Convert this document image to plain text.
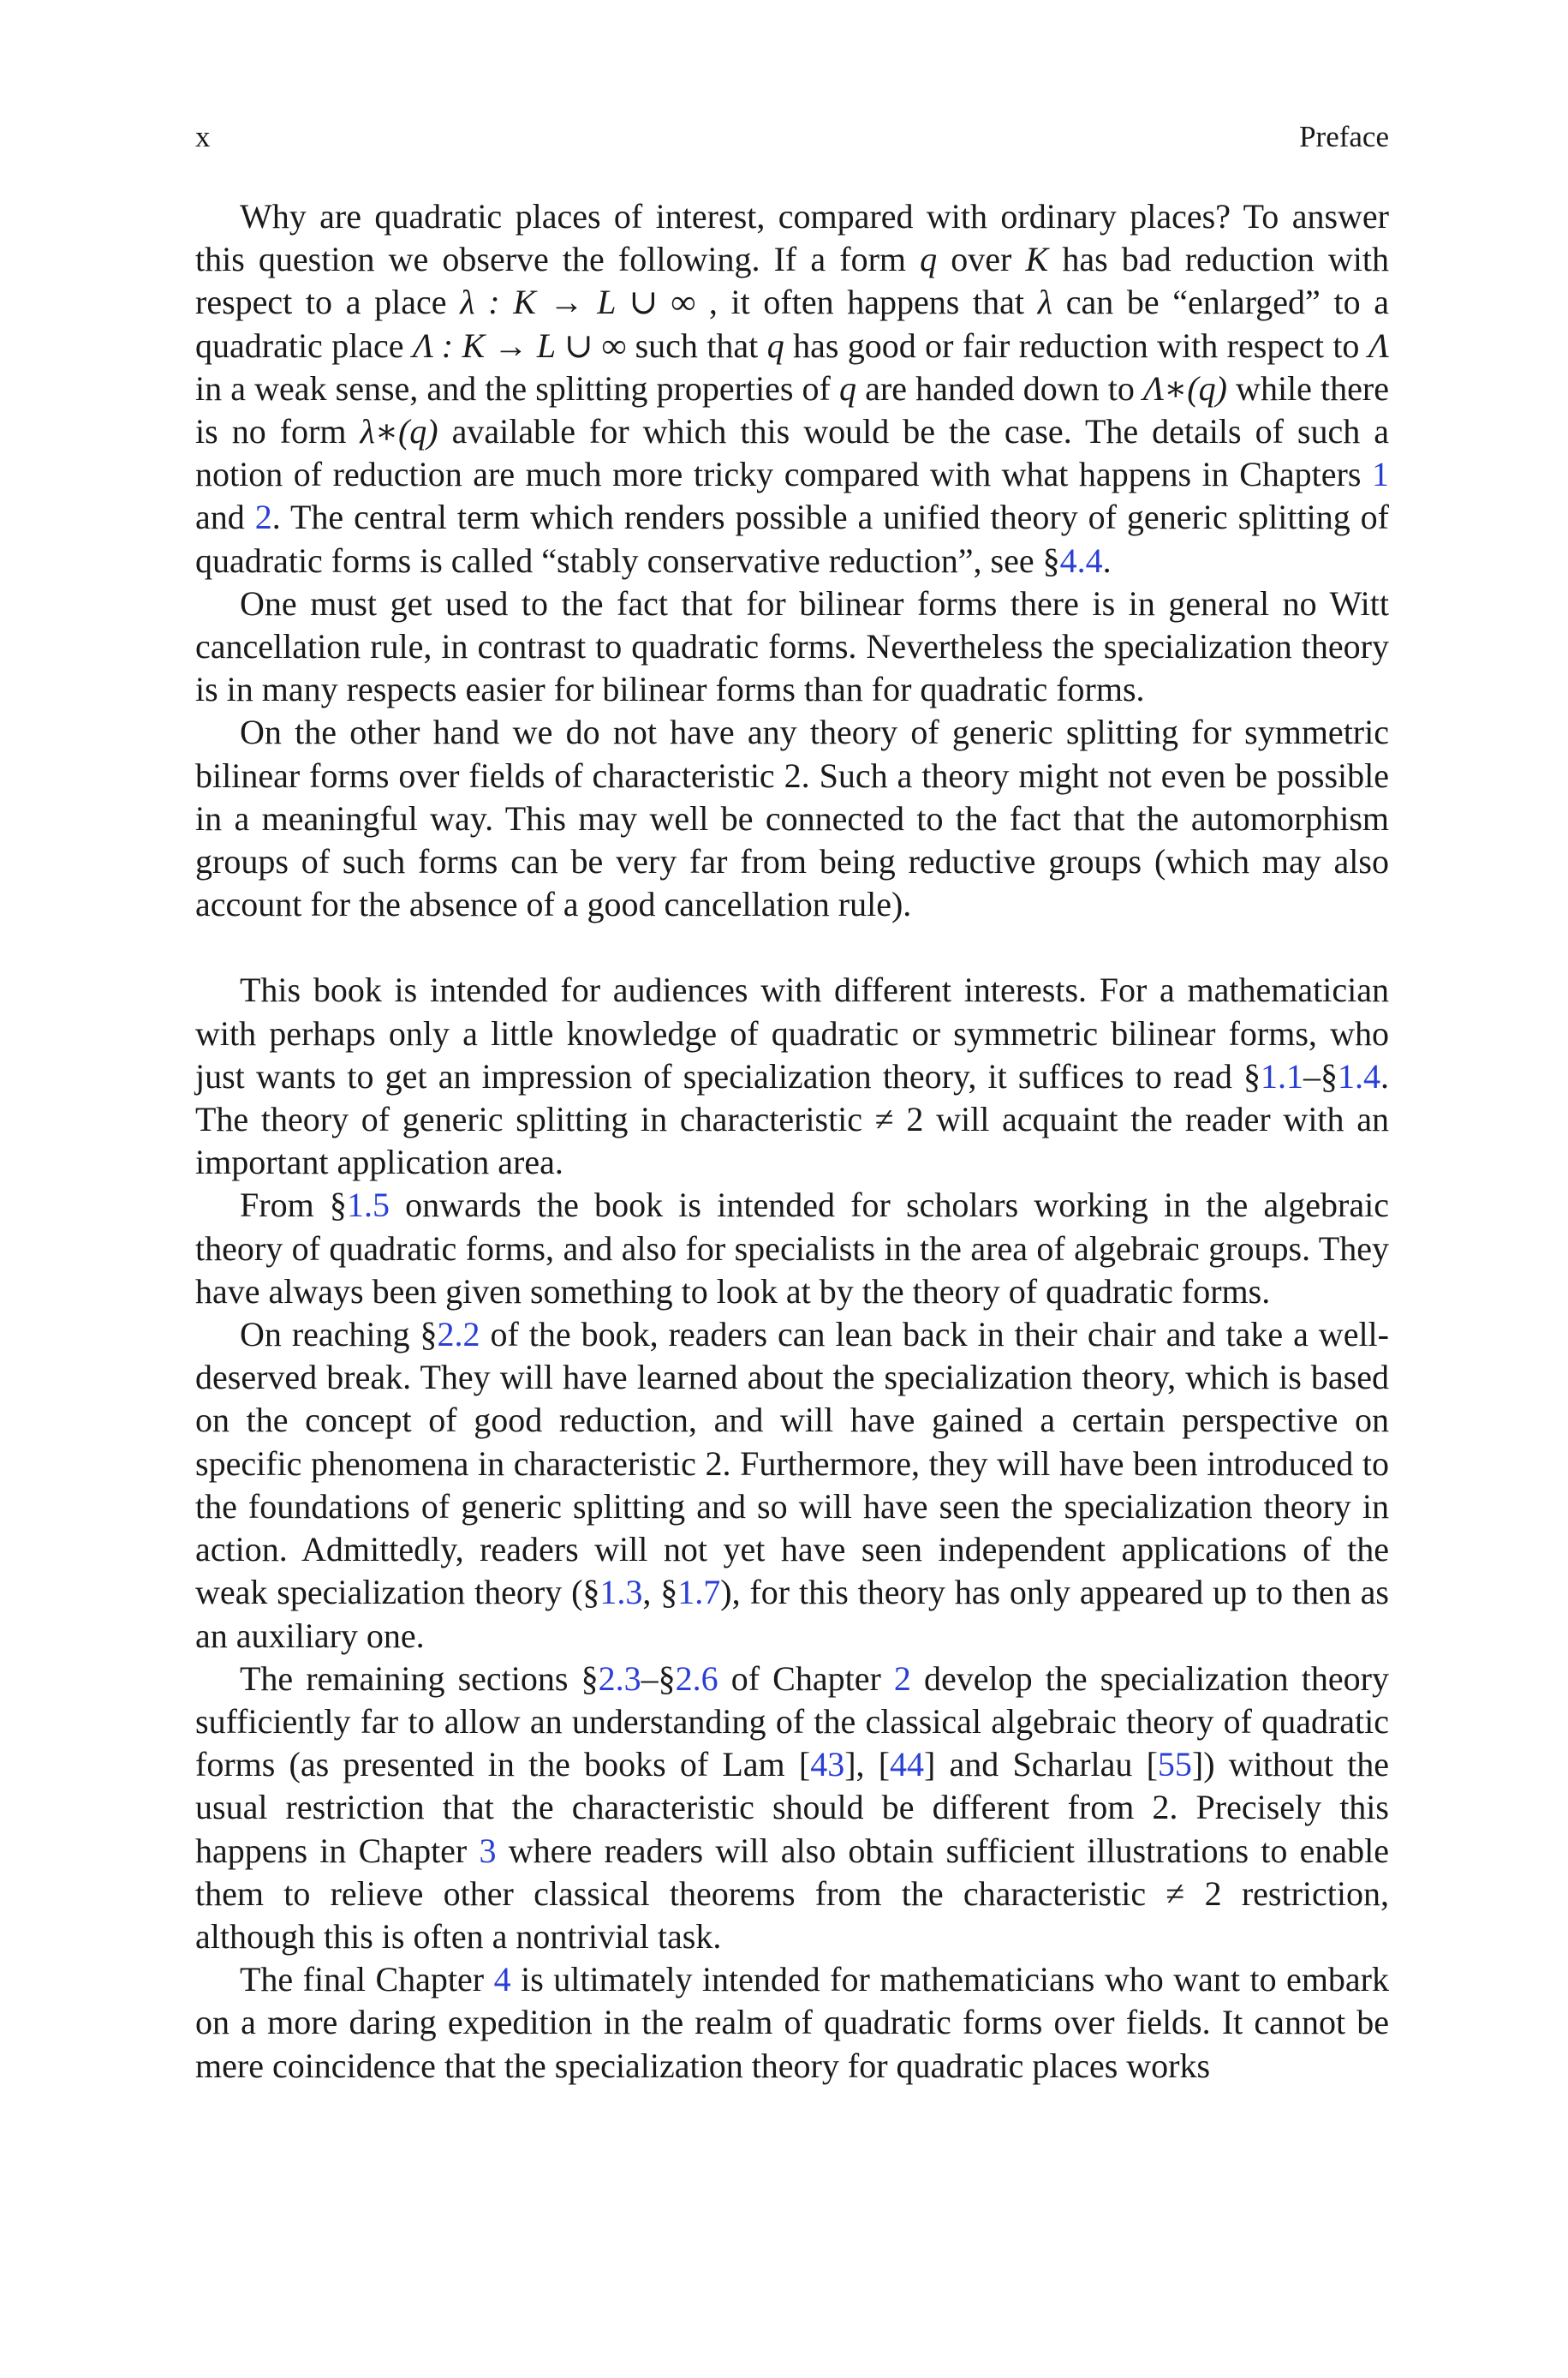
x	Preface

Why are quadratic places of interest, compared with ordinary places? To answer this question we observe the following. If a form q over K has bad reduction with respect to a place λ : K → L ∪ ∞ , it often happens that λ can be “enlarged” to a quadratic place Λ : K → L ∪ ∞ such that q has good or fair reduction with respect to Λ in a weak sense, and the splitting properties of q are handed down to Λ∗(q) while there is no form λ∗(q) available for which this would be the case. The details of such a notion of reduction are much more tricky compared with what happens in Chapters 1 and 2. The central term which renders possible a unified theory of generic splitting of quadratic forms is called “stably conservative reduction”, see §4.4.

One must get used to the fact that for bilinear forms there is in general no Witt cancellation rule, in contrast to quadratic forms. Nevertheless the specialization theory is in many respects easier for bilinear forms than for quadratic forms.

On the other hand we do not have any theory of generic splitting for symmetric bilinear forms over fields of characteristic 2. Such a theory might not even be possible in a meaningful way. This may well be connected to the fact that the automorphism groups of such forms can be very far from being reductive groups (which may also account for the absence of a good cancellation rule).

This book is intended for audiences with different interests. For a mathematician with perhaps only a little knowledge of quadratic or symmetric bilinear forms, who just wants to get an impression of specialization theory, it suffices to read §1.1–§1.4. The theory of generic splitting in characteristic ≠ 2 will acquaint the reader with an important application area.

From §1.5 onwards the book is intended for scholars working in the algebraic theory of quadratic forms, and also for specialists in the area of algebraic groups. They have always been given something to look at by the theory of quadratic forms.

On reaching §2.2 of the book, readers can lean back in their chair and take a well-deserved break. They will have learned about the specialization theory, which is based on the concept of good reduction, and will have gained a certain perspective on specific phenomena in characteristic 2. Furthermore, they will have been introduced to the foundations of generic splitting and so will have seen the specialization theory in action. Admittedly, readers will not yet have seen independent applications of the weak specialization theory (§1.3, §1.7), for this theory has only appeared up to then as an auxiliary one.

The remaining sections §2.3–§2.6 of Chapter 2 develop the specialization theory sufficiently far to allow an understanding of the classical algebraic theory of quadratic forms (as presented in the books of Lam [43], [44] and Scharlau [55]) without the usual restriction that the characteristic should be different from 2. Precisely this happens in Chapter 3 where readers will also obtain sufficient illustrations to enable them to relieve other classical theorems from the characteristic ≠ 2 restriction, although this is often a nontrivial task.

The final Chapter 4 is ultimately intended for mathematicians who want to embark on a more daring expedition in the realm of quadratic forms over fields. It cannot be mere coincidence that the specialization theory for quadratic places works
